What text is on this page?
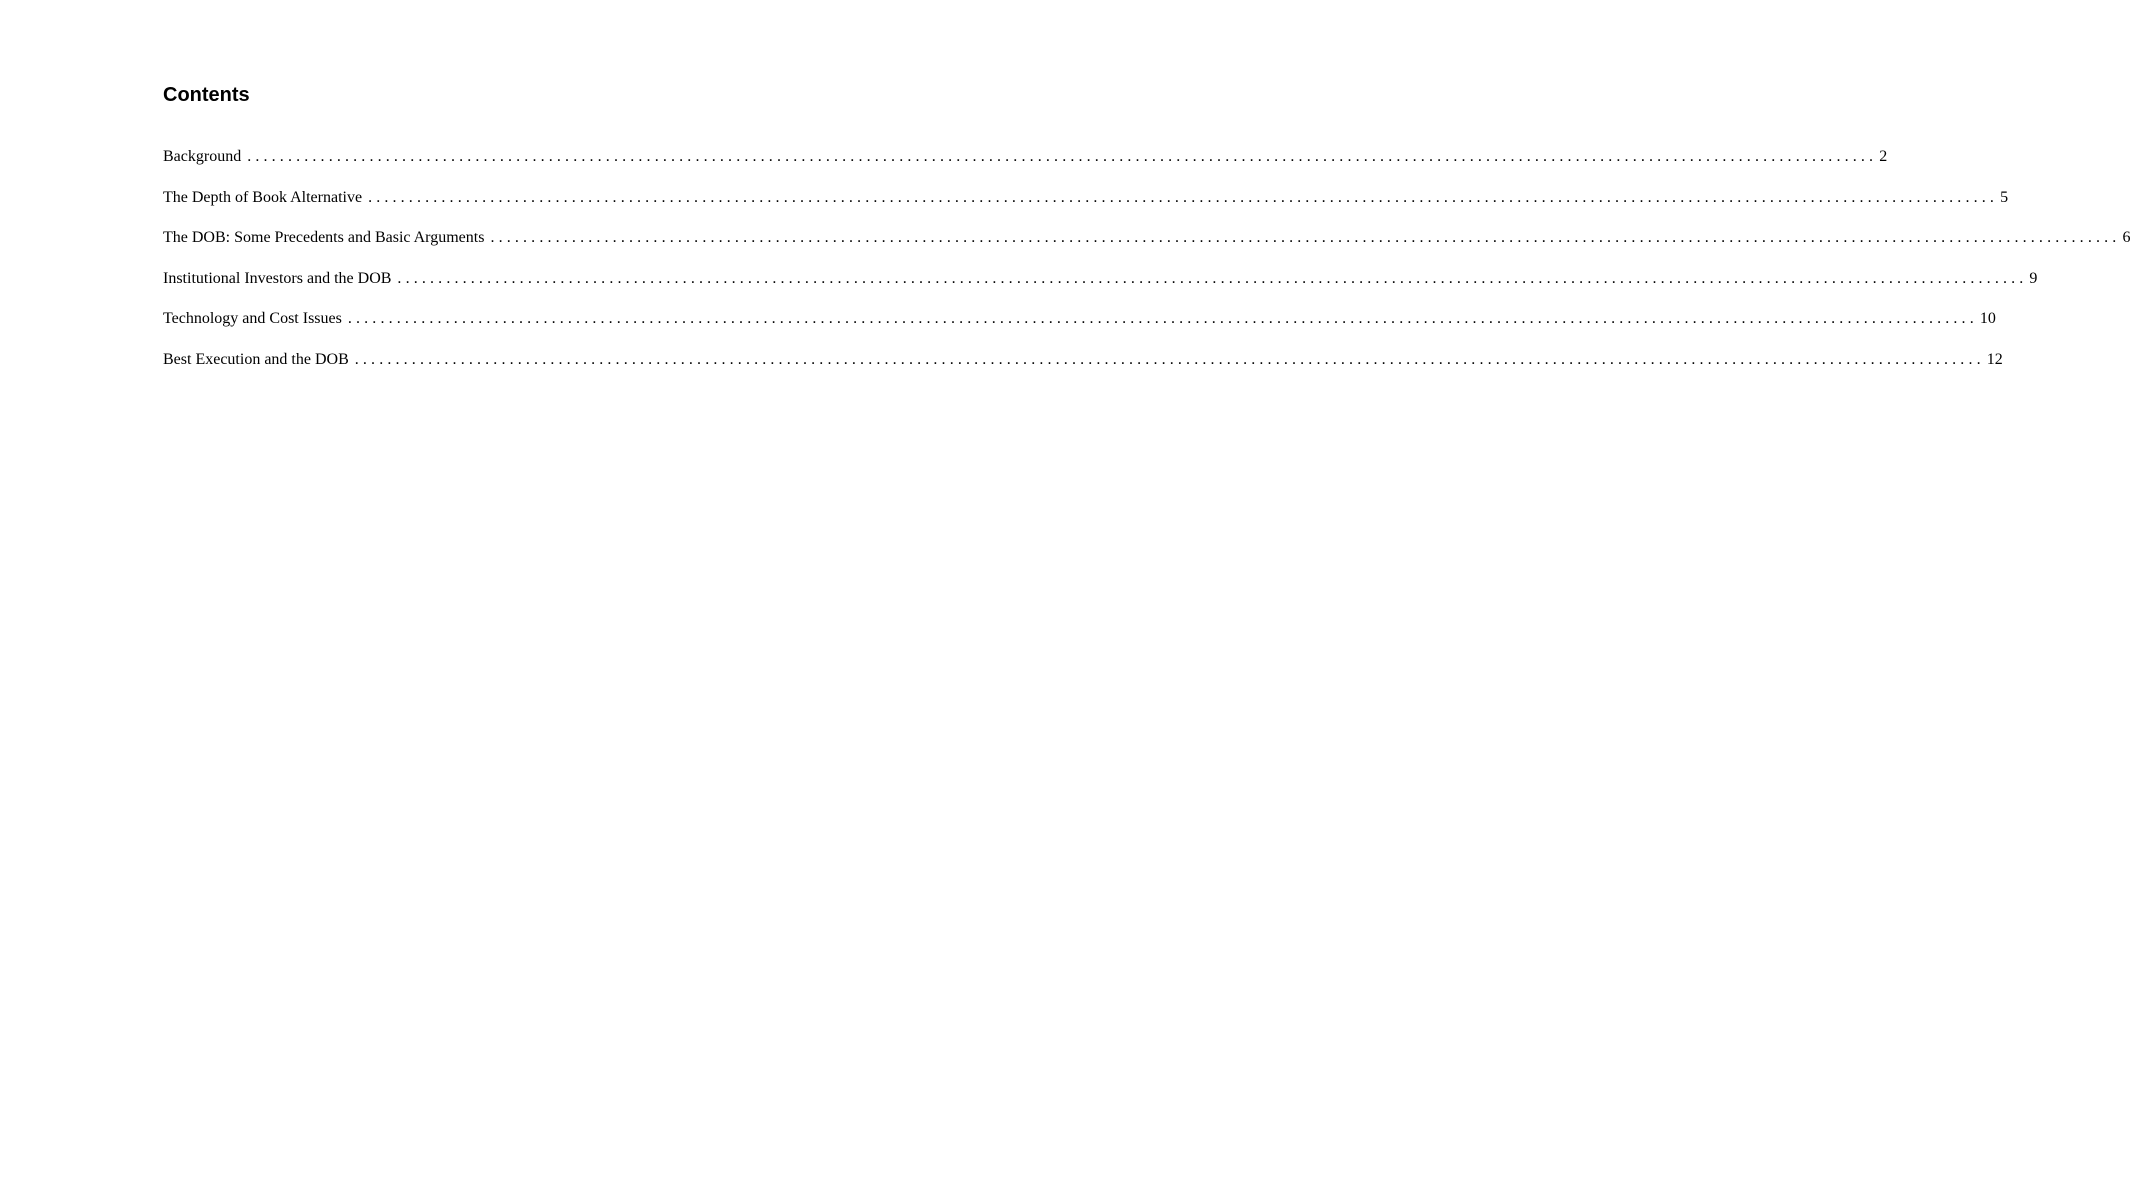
Contents
Background ........................................................................................................................................................................................................ 2
The Depth of Book Alternative ........................................................................................................................................................................................................ 5
The DOB: Some Precedents and Basic Arguments ........................................................................................................................................................................................................ 6
Institutional Investors and the DOB ........................................................................................................................................................................................................ 9
Technology and Cost Issues ........................................................................................................................................................................................................ 10
Best Execution and the DOB ........................................................................................................................................................................................................ 12
